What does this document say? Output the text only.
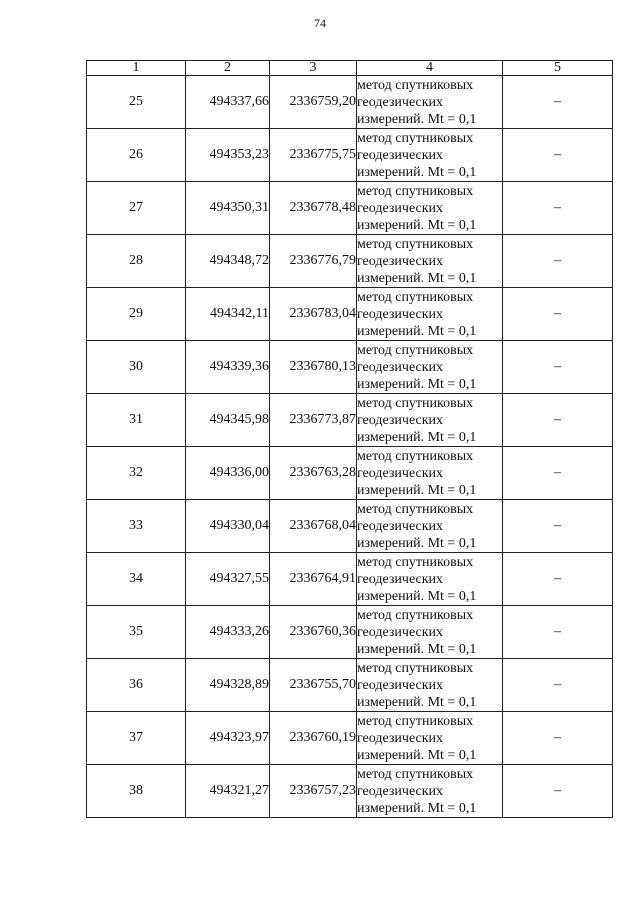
74
1	2	3	4	5
25	494337,66	2336759,20	метод спутниковых
геодезических
измерений. Mt = 0,1	–
26	494353,23	2336775,75	метод спутниковых
геодезических
измерений. Mt = 0,1	–
27	494350,31	2336778,48	метод спутниковых
геодезических
измерений. Mt = 0,1	–
28	494348,72	2336776,79	метод спутниковых
геодезических
измерений. Mt = 0,1	–
29	494342,11	2336783,04	метод спутниковых
геодезических
измерений. Mt = 0,1	–
30	494339,36	2336780,13	метод спутниковых
геодезических
измерений. Mt = 0,1	–
31	494345,98	2336773,87	метод спутниковых
геодезических
измерений. Mt = 0,1	–
32	494336,00	2336763,28	метод спутниковых
геодезических
измерений. Mt = 0,1	–
33	494330,04	2336768,04	метод спутниковых
геодезических
измерений. Mt = 0,1	–
34	494327,55	2336764,91	метод спутниковых
геодезических
измерений. Mt = 0,1	–
35	494333,26	2336760,36	метод спутниковых
геодезических
измерений. Mt = 0,1	–
36	494328,89	2336755,70	метод спутниковых
геодезических
измерений. Mt = 0,1	–
37	494323,97	2336760,19	метод спутниковых
геодезических
измерений. Mt = 0,1	–
38	494321,27	2336757,23	метод спутниковых
геодезических
измерений. Mt = 0,1	–
